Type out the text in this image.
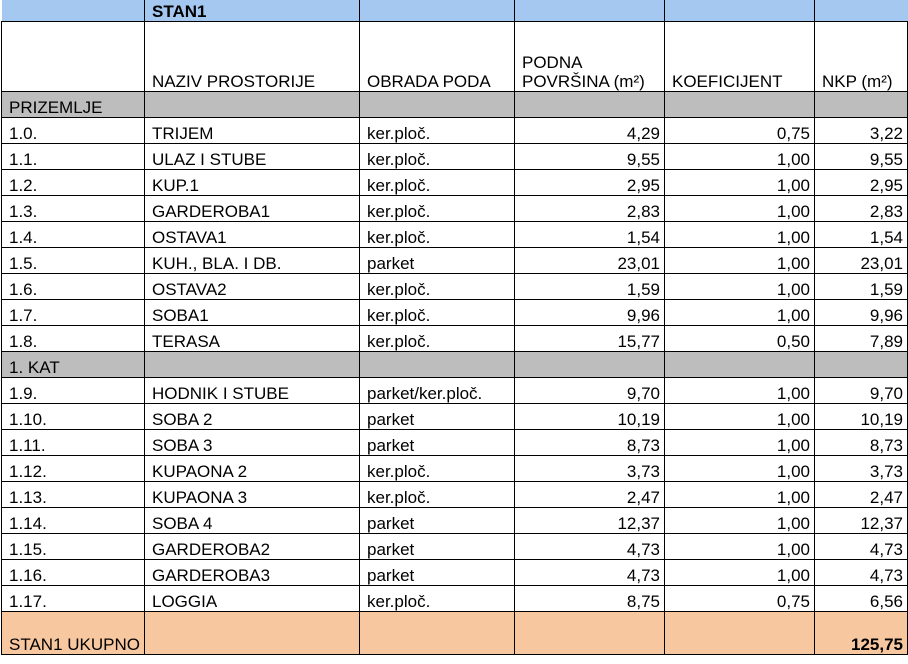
	STAN1				
	NAZIV PROSTORIJE	OBRADA PODA	PODNA POVRŠINA (m²)	KOEFICIJENT	NKP (m²)
PRIZEMLJE					
1.0.	TRIJEM	ker.ploč.	4,29	0,75	3,22
1.1.	ULAZ I STUBE	ker.ploč.	9,55	1,00	9,55
1.2.	KUP.1	ker.ploč.	2,95	1,00	2,95
1.3.	GARDEROBA1	ker.ploč.	2,83	1,00	2,83
1.4.	OSTAVA1	ker.ploč.	1,54	1,00	1,54
1.5.	KUH., BLA. I DB.	parket	23,01	1,00	23,01
1.6.	OSTAVA2	ker.ploč.	1,59	1,00	1,59
1.7.	SOBA1	ker.ploč.	9,96	1,00	9,96
1.8.	TERASA	ker.ploč.	15,77	0,50	7,89
1. KAT					
1.9.	HODNIK I STUBE	parket/ker.ploč.	9,70	1,00	9,70
1.10.	SOBA 2	parket	10,19	1,00	10,19
1.11.	SOBA 3	parket	8,73	1,00	8,73
1.12.	KUPAONA 2	ker.ploč.	3,73	1,00	3,73
1.13.	KUPAONA 3	ker.ploč.	2,47	1,00	2,47
1.14.	SOBA 4	parket	12,37	1,00	12,37
1.15.	GARDEROBA2	parket	4,73	1,00	4,73
1.16.	GARDEROBA3	parket	4,73	1,00	4,73
1.17.	LOGGIA	ker.ploč.	8,75	0,75	6,56
STAN1 UKUPNO					125,75
